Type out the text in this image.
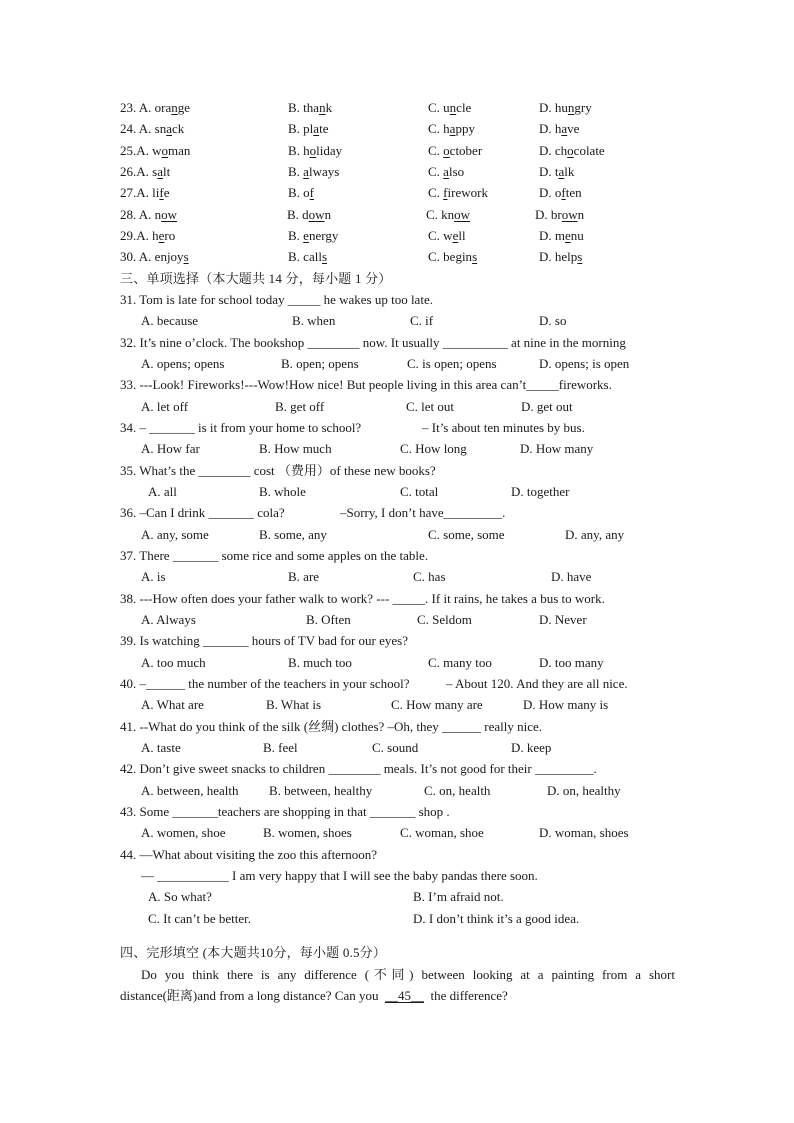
23. A. orange	B. thank	C. uncle	D. hungry
24. A. snack	B. plate	C. happy	D. have
25.A. woman	B. holiday	C. october	D. chocolate
26.A. salt	B. always	C. also	D. talk
27.A. life	B. of	C. firework	D. often
28. A. now	B. down	C. know	D. brown
29.A. hero	B. energy	C. well	D. menu
30. A. enjoys	B. calls	C. begins	D. helps
三、单项选择（本大题共 14 分，每小题 1 分）
31. Tom is late for school today _____ he wakes up too late.
A. because	B. when	C. if	D. so
32. It’s nine o’clock. The bookshop ________ now. It usually __________ at nine in the morning
A. opens; opens	B. open; opens	C. is open; opens	D. opens; is open
33. ---Look! Fireworks!---Wow!How nice! But people living in this area can’t_____fireworks.
A. let off	B. get off	C. let out	D. get out
34. – _______ is it from your home to school?	– It’s about ten minutes by bus.
A. How far	B. How much	C. How long	D. How many
35. What’s the ________ cost （费用）of these new books?
A. all	B. whole	C. total	D. together
36. –Can I drink _______ cola?	–Sorry, I don’t have_________.
A. any, some	B. some, any	C. some, some	D. any, any
37. There _______ some rice and some apples on the table.
A. is	B. are	C. has	D. have
38. ---How often does your father walk to work? --- _____. If it rains, he takes a bus to work.
A. Always	B. Often	C. Seldom	D. Never
39. Is watching _______ hours of TV bad for our eyes?
A. too much	B. much too	C. many too	D. too many
40. –______ the number of the teachers in your school?	– About 120. And they are all nice.
A. What are	B. What is	C. How many are	D. How many is
41. --What do you think of the silk (丝绸) clothes? –Oh, they ______ really nice.
A. taste	B. feel	C. sound	D. keep
42. Don’t give sweet snacks to children ________ meals. It’s not good for their _________.
A. between, health B. between, healthy	C. on, health	D. on, healthy
43. Some _______teachers are shopping in that _______ shop .
A. women, shoe	B. women, shoes	C. woman, shoe	D. woman, shoes
44. —What about visiting the zoo this afternoon?
— ___________ I am very happy that I will see the baby pandas there soon.
A. So what?	B. I’m afraid not.
C. It can’t be better.	D. I don’t think it’s a good idea.
四、完形填空 (本大题共10分，每小题 0.5分）
Do you think there is any difference (不同) between looking at a painting from a short
distance(距离)and from a long distance? Can you __45__ the difference?
